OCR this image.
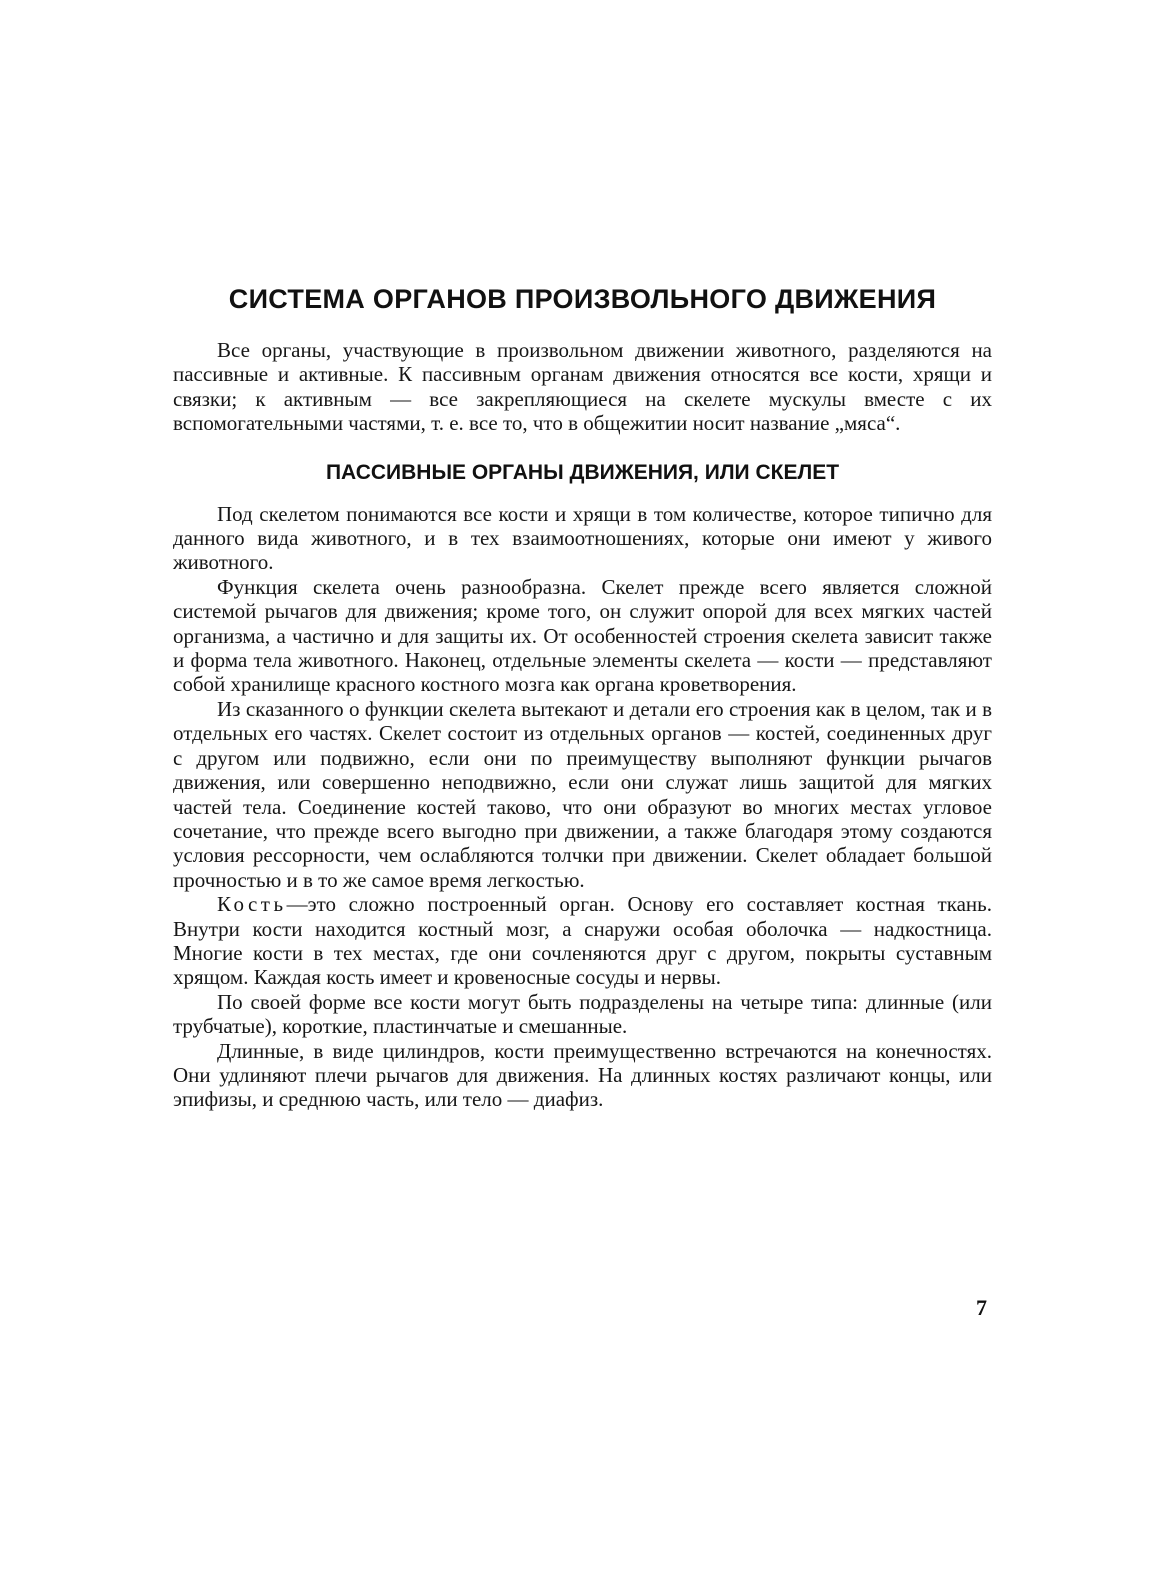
СИСТЕМА ОРГАНОВ ПРОИЗВОЛЬНОГО ДВИЖЕНИЯ

Все органы, участвующие в произвольном движении животного, разделяются на пассивные и активные. К пассивным органам движения относятся все кости, хрящи и связки; к активным — все закрепляющиеся на скелете мускулы вместе с их вспомогательными частями, т. е. все то, что в общежитии носит название „мяса“.

ПАССИВНЫЕ ОРГАНЫ ДВИЖЕНИЯ, ИЛИ СКЕЛЕТ

Под скелетом понимаются все кости и хрящи в том количестве, которое типично для данного вида животного, и в тех взаимоотношениях, которые они имеют у живого животного.

Функция скелета очень разнообразна. Скелет прежде всего является сложной системой рычагов для движения; кроме того, он служит опорой для всех мягких частей организма, а частично и для защиты их. От особенностей строения скелета зависит также и форма тела животного. Наконец, отдельные элементы скелета — кости — представляют собой хранилище красного костного мозга как органа кроветворения.

Из сказанного о функции скелета вытекают и детали его строения как в целом, так и в отдельных его частях. Скелет состоит из отдельных органов — костей, соединенных друг с другом или подвижно, если они по преимуществу выполняют функции рычагов движения, или совершенно неподвижно, если они служат лишь защитой для мягких частей тела. Соединение костей таково, что они образуют во многих местах угловое сочетание, что прежде всего выгодно при движении, а также благодаря этому создаются условия рессорности, чем ослабляются толчки при движении. Скелет обладает большой прочностью и в то же самое время легкостью.

Кость—это сложно построенный орган. Основу его составляет костная ткань. Внутри кости находится костный мозг, а снаружи особая оболочка — надкостница. Многие кости в тех местах, где они сочленяются друг с другом, покрыты суставным хрящом. Каждая кость имеет и кровеносные сосуды и нервы.

По своей форме все кости могут быть подразделены на четыре типа: длинные (или трубчатые), короткие, пластинчатые и смешанные.

Длинные, в виде цилиндров, кости преимущественно встречаются на конечностях. Они удлиняют плечи рычагов для движения. На длинных костях различают концы, или эпифизы, и среднюю часть, или тело — диафиз.

7
